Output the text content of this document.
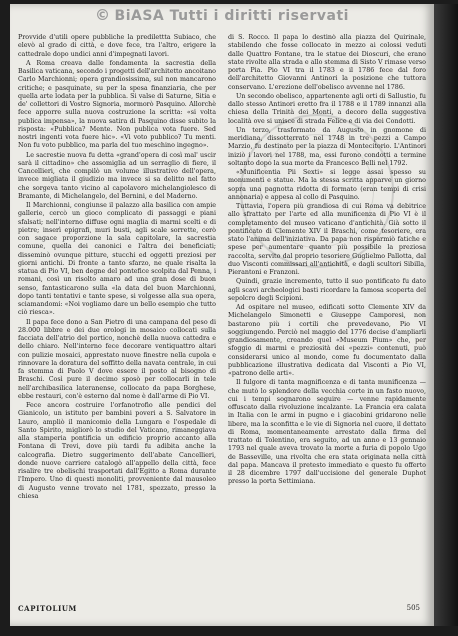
© BiASA Tutti i diritti riservati

Provvide d'utili opere pubbliche la predilettta Subiaco, che elevò al grado di città, e dove fece, tra l'altro, erigere la cattedrale dopo undici anni d'impegnati lavori.

A Roma creava dalle fondamenta la sacrestia della Basilica vaticana, secondo i progetti dell'architetto ancoitano Carlo Marchionni; opera grandiosissima, sul non mancarono critiche; e pasquinate, su per la spesa finanziaria, che per quella arte lodata per la pubblica. Si valse di Saturne, Sitia e de' collettori di Vostro Signoria, mormorò Pasquino. Allorchè fece apporre sulla nuova costruzione la scritta: «si volta publica impensa», la nuova satira di Pasquino disse subito la risposta: «Pubblica? Mente. Non publica vota fuere. Sed nostri ingenti vota fuere hic». «Vi voto pubblico? Tu menti. Non fu voto pubblico, ma parla del tuo meschino ingegno».

Le sacrestie nuova fu detta «grand'opera di così mal' uscir sarà il cittadino» che assomiglia ad un serraglio di fiere, il Cancellieri, che compilò un volume illustrativo dell'opera, invece migliata il giudizio ma invece si sa delitto nel fatto che sorgeva tanto vicino al capolavoro michelangiolesco di Bramante, di Michelangelo, del Bernini, e del Maderno.

Il Marchionni, congiunse il palazzo alla basilica con ampie gallerie, cercò un gioco complicato di passaggi e piani sfalsati; nell'interno diffuse ogni maglia di marmi scelti e di pietre; inserì epigrafi, muri busti, agli scale sorrette, cerò con sagace proporzione la sala capitolare, la sacrestia comune, quella dei canonici e l'altra dei beneficiati; disseminò ovunque pitture, stucchi ed oggetti preziosi per giorni antichi. Di fronte a tanto sfarzo, ne quale risalta la statua di Pio VI, ben degne del pontefice scolpita dal Penna, i romani, così un risolto amaro ad una gran dose di buon senso, fantasticarono sulla «la data del buon Marchionni, dopo tanti tentativi e tante spese, si volgesse alla sua opera, sciamandomi: «Noi vogliamo dare un bello esempio che tutto ciò riesca».

Il papa fece dono a San Pietro di una campana del peso di 28.000 libbre e dei due orologi in mosaico collocati sulla facciata dell'atrio del portico, nonchè della nuova cattedra e dello chiaro. Nell'interno fece decorare ventiquattro altari con pulizie mosaici, apprestato nuove finestre nella cupola e rinnovare la doratura del soffitto della navata centrale, in cui fa stemma di Paolo V dove essere il posto al bisogno di Braschi. Così pure il decimo sposò per collocarli in tele nell'archibasilica lateranense, collocato da papa Borghese, ebbe restauri, con'è esterno dal nome è dall'arme di Pio VI.

Fece ancora costruire l'orfanotrofio alle pendici del Gianicolo, un istituto per bambini poveri a S. Salvatore in Lauro, ampliò il manicomio della Lungara e l'ospedale di Santo Spirito, migliorò lo studio del Vaticano, rimaneggiava alla stamperia pontificia un edificio proprio accanto alla Fontana di Trevi, dove più tardi fu adibita anche la calcografia. Dietro suggerimento dell'abate Cancellieri, donde nuove carriere catalogò all'appello della città, fece risalire tre obelischi trasportati dall'Egitto a Roma durante l'Impero. Uno di questi monoliti, provveniente dal mausoleo di Augusto venne trovato nel 1781, spezzato, presso la chiesa

di S. Rocco. Il papa lo destinò alla piazza del Quirinale, stabilendo che fosse collocato in mezzo ai colossi veduti dalle Quattro Fontane, tra le statue dei Dioscuri, che erano state rivolte alla strada e allo stemma di Sisto V rimase verso porta Pia. Pio VI tra il 1783 e il 1786 fece dal foro dell'architetto Giovanni Antinori la posizione che tuttora conservano. L'erezione dell'obelisco avvenne nel 1786.

Un secondo obelisco, appartenente agli orti di Sallustio, fu dallo stesso Antinori eretto fra il 1788 e il 1789 innanzi alla chiesa della Trinità dei Monti, a decoro della suggestiva località ove si unisce di strada Felice e di via dei Condotti.

Un terzo, trasformato da Augusto in gnomone di meridiana, dissotterrato nel 1748 in tre pezzi a Campo Marzio, fu destinato per la piazza di Montecitorio. L'Antinori iniziò i lavori nel 1788, ma, essi furono condotti a termine soltanto dopo la sua morte da Francesco Belli nel 1792.

«Munificentia Pii Sexti» si legge assai spesso su monumenti e statue. Ma la stessa scritta apparve un giorno sopra una pagnotta ridotta di formato (eran tempi di crisi annonaria) e appesa al collo di Pasquino.

Tuttavia, l'opera più grandiosa di cui Roma va debitrice allo sfrattato per l'arte ed alla munificenza di Pio VI è il completamento del museo vaticano d'antichità. Già sotto il pontificato di Clemente XIV il Braschi, come tesoriere, era stato l'anima dell'iniziativa. Da papa non risparmiò fatiche e spese per aumentare quanto più possibile la preziosa raccolta, servito dal proprio tesoriere Guglielmo Pallotta, dal duo Visconti commissari all'antichità, e dagli scultori Sibilla, Pierantoni e Franzoni.

Quindi, grazie incremento, tutto il suo pontificato fu dato agli scavi archeologici basti ricordare la famosa scoperta del sepolcro degli Scipioni.

Ad ospitare nel museo, edificati sotto Clemente XIV da Michelangelo Simonetti e Giuseppe Camporesi, non bastarono più i cortili che prevedevano, Pio VI soggiungendo. Perciò nel maggio del 1776 decise d'ampliarli grandiosamente, creando quel «Museum Pium» che, per sfoggio di marmi e preziosità dei «pezzi» contenuti, può considerarsi unico al mondo, come fu documentato dalla pubblicazione illustrativa dedicata dal Visconti a Pio VI, «patrono delle arti».

Il fulgore di tanta magnificenza e di tanta munificenza — che mutò lo splendore della vecchia corte in un fasto nuovo, cui i tempi sognarono seguire — venne rapidamente offuscato dalla rivoluzione incalzante. La Francia era calata in Italia con le armi in pugno e i giacobini gridarono nelle libere, ma la sconfitta e le vie di Signoria nel cuore, il dettato di Roma, momentaneamente arrestato dalla firma del trattato di Tolentino, era seguito, ad un anno e 13 gennaio 1793 nel quale aveva trovato la morte a furia di popolo Ugo de Basseville, una rivolta che era stata originata nella città dal papa. Mancava il pretesto immediato e questo fu offerto il 28 dicembre 1797 dall'uccisione del generale Duphot presso la porta Settimiana.

CAPITOLIUM	505
